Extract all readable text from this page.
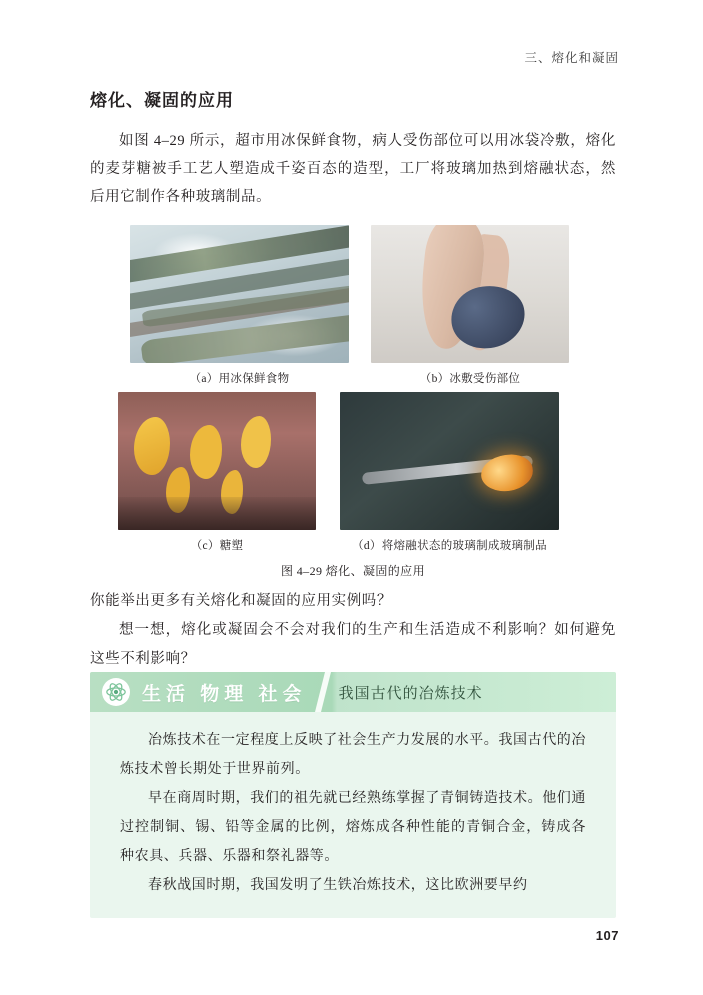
三、熔化和凝固
熔化、凝固的应用

如图 4–29 所示，超市用冰保鲜食物，病人受伤部位可以用冰袋冷敷，熔化的麦芽糖被手工艺人塑造成千姿百态的造型，工厂将玻璃加热到熔融状态，然后用它制作各种玻璃制品。

（a）用冰保鲜食物	（b）冰敷受伤部位
（c）糖塑	（d）将熔融状态的玻璃制成玻璃制品
图 4–29 熔化、凝固的应用

你能举出更多有关熔化和凝固的应用实例吗？

想一想，熔化或凝固会不会对我们的生产和生活造成不利影响？如何避免这些不利影响？

生活 物理 社会 我国古代的冶炼技术

冶炼技术在一定程度上反映了社会生产力发展的水平。我国古代的冶炼技术曾长期处于世界前列。

早在商周时期，我们的祖先就已经熟练掌握了青铜铸造技术。他们通过控制铜、锡、铅等金属的比例，熔炼成各种性能的青铜合金，铸成各种农具、兵器、乐器和祭礼器等。

春秋战国时期，我国发明了生铁冶炼技术，这比欧洲要早约

107
